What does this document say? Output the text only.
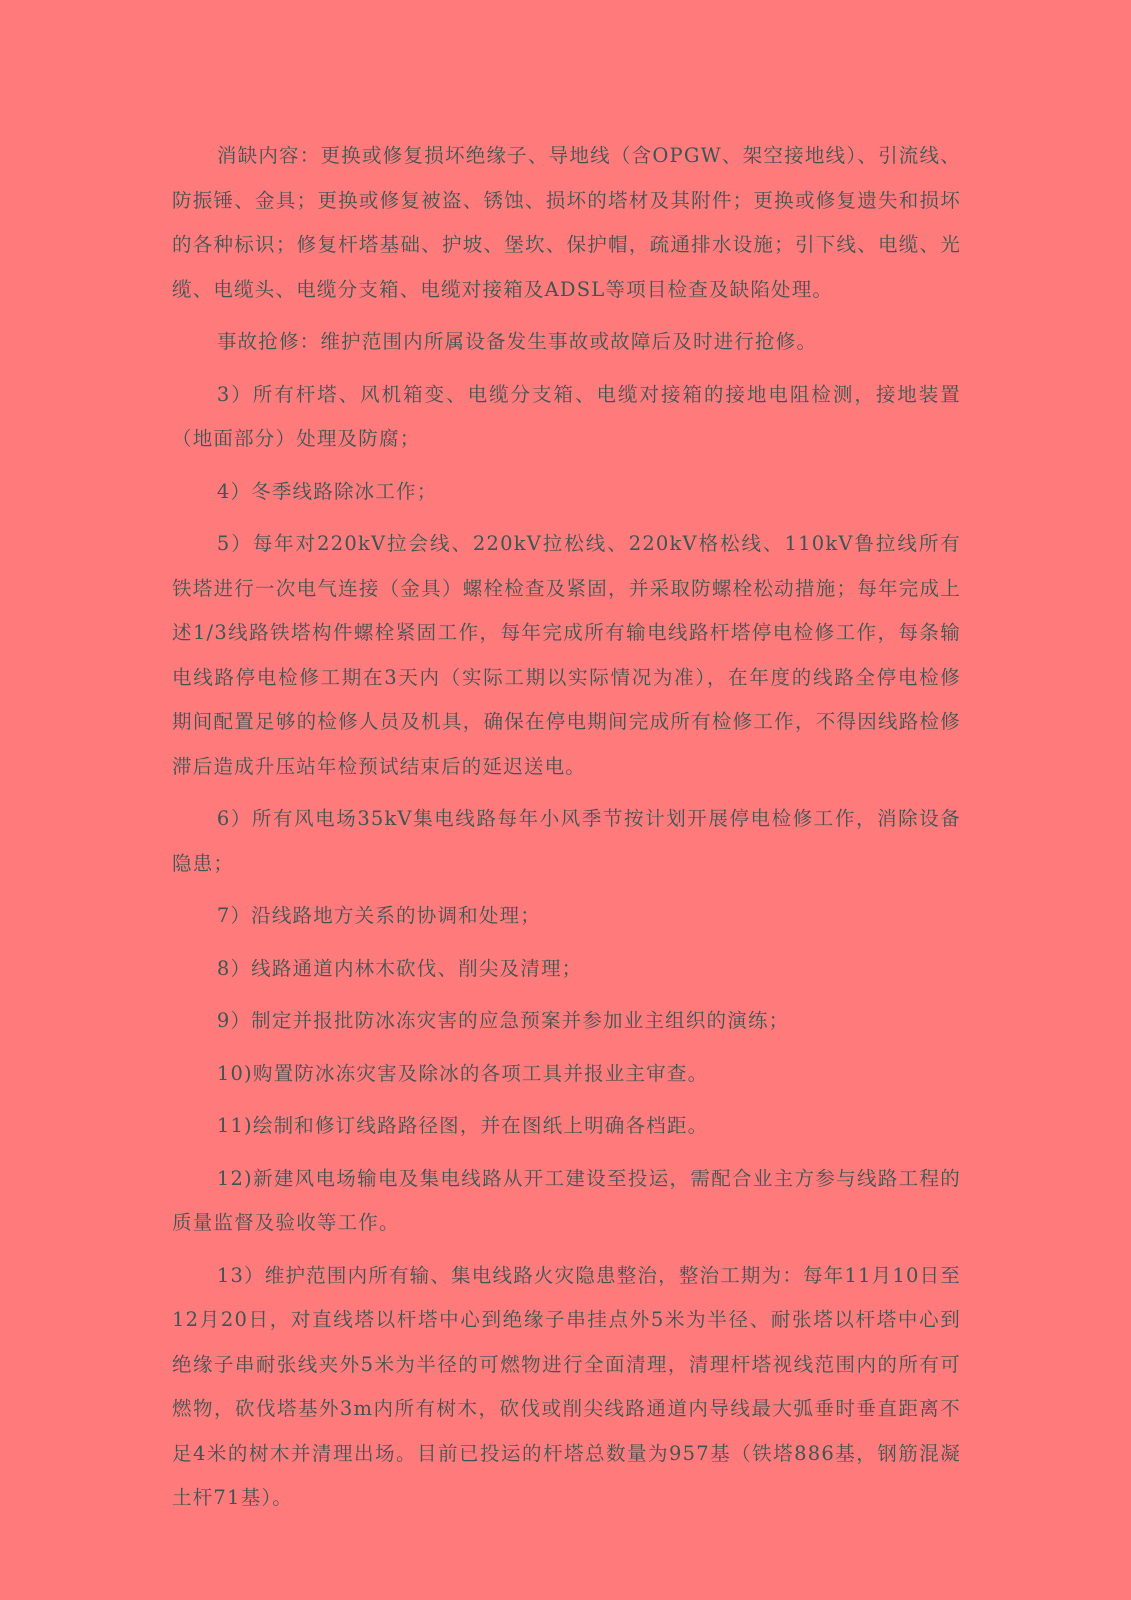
消缺内容：更换或修复损坏绝缘子、导地线（含OPGW、架空接地线）、引流线、防振锤、金具；更换或修复被盗、锈蚀、损坏的塔材及其附件；更换或修复遗失和损坏的各种标识；修复杆塔基础、护坡、堡坎、保护帽，疏通排水设施；引下线、电缆、光缆、电缆头、电缆分支箱、电缆对接箱及ADSL等项目检查及缺陷处理。

事故抢修：维护范围内所属设备发生事故或故障后及时进行抢修。

3）所有杆塔、风机箱变、电缆分支箱、电缆对接箱的接地电阻检测，接地装置（地面部分）处理及防腐；

4）冬季线路除冰工作；

5）每年对220kV拉会线、220kV拉松线、220kV格松线、110kV鲁拉线所有铁塔进行一次电气连接（金具）螺栓检查及紧固，并采取防螺栓松动措施；每年完成上述1/3线路铁塔构件螺栓紧固工作，每年完成所有输电线路杆塔停电检修工作，每条输电线路停电检修工期在3天内（实际工期以实际情况为准），在年度的线路全停电检修期间配置足够的检修人员及机具，确保在停电期间完成所有检修工作，不得因线路检修滞后造成升压站年检预试结束后的延迟送电。

6）所有风电场35kV集电线路每年小风季节按计划开展停电检修工作，消除设备隐患；

7）沿线路地方关系的协调和处理；

8）线路通道内林木砍伐、削尖及清理；

9）制定并报批防冰冻灾害的应急预案并参加业主组织的演练；

10)购置防冰冻灾害及除冰的各项工具并报业主审查。

11)绘制和修订线路路径图，并在图纸上明确各档距。

12)新建风电场输电及集电线路从开工建设至投运，需配合业主方参与线路工程的质量监督及验收等工作。

13）维护范围内所有输、集电线路火灾隐患整治，整治工期为：每年11月10日至12月20日，对直线塔以杆塔中心到绝缘子串挂点外5米为半径、耐张塔以杆塔中心到绝缘子串耐张线夹外5米为半径的可燃物进行全面清理，清理杆塔视线范围内的所有可燃物，砍伐塔基外3m内所有树木，砍伐或削尖线路通道内导线最大弧垂时垂直距离不足4米的树木并清理出场。目前已投运的杆塔总数量为957基（铁塔886基，钢筋混凝土杆71基）。
